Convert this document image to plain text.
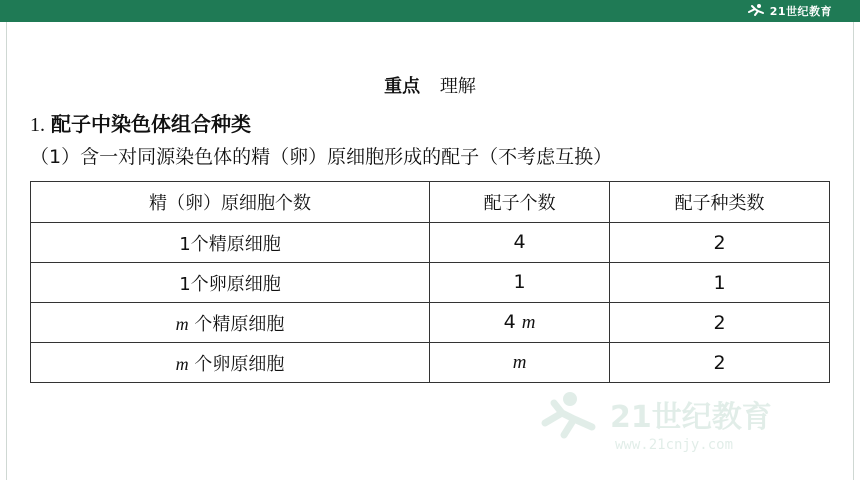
21世纪教育
重点 理解
1. 配子中染色体组合种类
（1）含一对同源染色体的精（卵）原细胞形成的配子（不考虑互换）
精（卵）原细胞个数	配子个数	配子种类数
1个精原细胞	4	2
1个卵原细胞	1	1
m 个精原细胞	4 m	2
m 个卵原细胞	m	2
21世纪教育
www.21cnjy.com
